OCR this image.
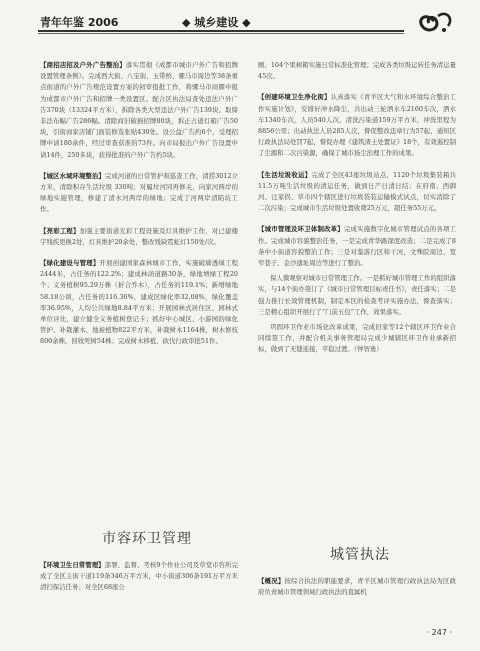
青年年鉴 2006	◆ 城乡建设 ◆

【商招店招及户外广告整治】落实贯彻《成都市城市户外广告和招牌设置管理条例》。完成西大街、八宝街、玉带桥、骡马市周边等38条重点街道的户外广告规范设置方案的初审报批工作，将骡马市商圈申报为成都市户外广告和招牌一类设置区。配合区执法局查处违法户外广告370块（13324平方米），拆除各类大型违法户外广告139块。取缔非法布幅广告286幅。清除商旧破损招牌80块，拆正占道灯箱广告50块，引街商家店铺门面装修选张贴430处。设公益广告约6个，受理招牌申请180余件，经过审查获准的73件。向市局报出户外广告设置申请14件，250多块，获得批准的户外广告约5块。

【城区水域环境整治】完成河道的日常管护和巡查工作，清捞3012立方米，清除积存生活垃圾 330吨；对履垃河同再修关，向家河两岸的绿地实施管理，修建了清水河两岸的绿地；完成了河两岸清陷坑工作。

【亮彩工程】加强主要街道光彩工程设施及灯具维护工作，对已建楼宇残疾更换2处，灯具维护20余处，整改残缺霓虹灯150处/次。

【绿化建设与管理】开展创建国家森林城市工作，实施破墙透绿工程2444米，占任务的122.2%；建成林荫道路30条，绿地增绿工程20个；义务植树95.29万株（折合乔木），占任务的119.1%；新增绿地58.18公顷，占任务的116.36%，建成区绿化率32.08%，绿化覆盖率36.95%，人均公共绿地8.84平方米；开展园林式居住区、园林式单位评比，建立健全义务植树登记卡；抓好中心城区、小游园的绿化管护、补栽灌木、地被植物822平方米，补栽树木1164株，树木修枝800余株，回收死树54株；完成树木移植、砍伐行政审批51件。

市容环卫管理

【环境卫生日常管理】部署、监督、考核9个作业公司及草堂市容所完成了全区主街干道119条346万平方米，中小街道306条191万平方米清扫保洁任务；对全区68座公

厕、104个果树箱实施日常标准化管理；完成各类垃圾运转任务清运量45次。

【创建环境卫生净化街】认真落实《青羊区大气和水环境综合整治工作实施计划》，安排好冲水降尘，共出动三轮洒水车2160车次，洒水车1340车次，人员540人次，清洗污染道159万平方米，冲洗里程为8856公里；出动执法人员285人次，督促整改违章行为57起，通知区行政执法局处罚7起，督促办理《建筑渣土处置证》18个，有效遏控制了尘源和二次污染源，确保了城市扬尘治理工作的成果。

【生活垃圾收运】完成了全区43座垃圾站点、1120个垃圾集装箱共11.5万吨生活垃圾的清运任务，做到日产日清日结；在府南、西御河、汪家拐、草市四个辖区进行垃圾袋装运输模式试点，切实消除了二次污染；完成城市生活垃圾处置收费25万元，超任务55万元。

【城市管理及环卫体制改革】完成实施数字化城市管理试点的各项工作。完成城市容貌整治任务，一是完成青华路深度改造；二是完成了8条中小街道容貌整治工作；三是对鉴游行区和干河、文殊院周边、宽窄巷子、金沙遗址周边等进行了整治。

保人微观察对城市日常管理工作。一是抓好城市管理工作的组织落实，与14个街办签订了《城市日常管理目标责任书》，责任落实；二是强力推行长效管理机制，制定本区的检查考评实施办法，督查落实；三是精心组织开展行了“门前五包”工作，效果落实。

巩固环卫作业市场化改革成果，完成旧家等12个辖区环卫作业合同续签工作，并配合机关事务管理局完成少城辖区环卫作业承新招标，做到了无缝连接，平稳过渡。（钟智勇）

城管执法

【概况】按综合执法的职能要求，青羊区城市管理行政执法局为区政府负责城市管理领域行政执法的直属机

· 247 ·
